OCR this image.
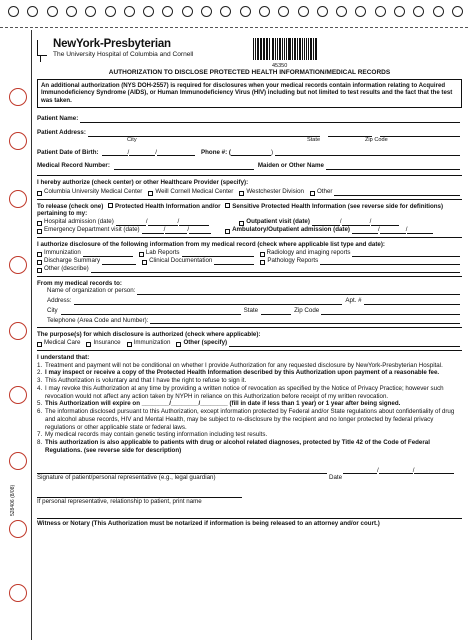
528406 (8/08)
NewYork-Presbyterian
The University Hospital of Columbia and Cornell
45350
AUTHORIZATION TO DISCLOSE PROTECTED HEALTH INFORMATION/MEDICAL RECORDS
An additional authorization (NYS DOH-2557) is required for disclosures when your medical records contain information relating to Acquired Immunodeficiency Syndrome (AIDS), or Human Immunodeficiency Virus (HIV) including but not limited to test results and the fact that the test was taken.
Patient Name:
Patient Address:
City	State	Zip Code
Patient Date of Birth:	/	/	Phone #: (	)
Medical Record Number:	Maiden or Other Name
I hereby authorize (check center) or other Healthcare Provider (specify):
Columbia University Medical Center Weill Cornell Medical Center Westchester Division Other
To release (check one) Protected Health Information and/or Sensitive Protected Health Information (see reverse side for definitions) pertaining to my:
Hospital admission (date)	/	/	Outpatient visit (date)	/	/
Emergency Department visit (date)	/	/	Ambulatory/Outpatient admission (date)	/	/
I authorize disclosure of the following information from my medical record (check where applicable list type and date):
Immunization	Lab Reports	Radiology and imaging reports
Discharge Summary	Clinical Documentation	Pathology Reports
Other (describe)
From my medical records to:
Name of organization or person:
Address:	Apt. #
City	State	Zip Code
Telephone (Area Code and Number):
The purpose(s) for which disclosure is authorized (check where applicable):
Medical Care Insurance Immunization Other (specify)
I understand that:
1. Treatment and payment will not be conditional on whether I provide Authorization for any requested disclosure by NewYork-Presbyterian Hospital.
2. I may inspect or receive a copy of the Protected Health Information described by this Authorization upon payment of a reasonable fee.
3. This Authorization is voluntary and that I have the right to refuse to sign it.
4. I may revoke this Authorization at any time by providing a written notice of revocation as specified by the Notice of Privacy Practice; however such revocation would not affect any action taken by NYPH in reliance on this Authorization before receipt of my written revocation.
5. This Authorization will expire on ________/________/________ (fill in date if less than 1 year) or 1 year after being signed.
6. The information disclosed pursuant to this Authorization, except information protected by Federal and/or State regulations about confidentiality of drug and alcohol abuse records, HIV and Mental Health, may be subject to re-disclosure by the recipient and no longer protected by federal privacy regulations or other applicable state or federal laws.
7. My medical records may contain genetic testing information including test results.
8. This authorization is also applicable to patients with drug or alcohol related diagnoses, protected by Title 42 of the Code of Federal Regulations. (see reverse side for description)
/	/
Signature of patient/personal representative (e.g., legal guardian)	Date
If personal representative, relationship to patient, print name
Witness or Notary (This Authorization must be notarized if information is being released to an attorney and/or court.)
